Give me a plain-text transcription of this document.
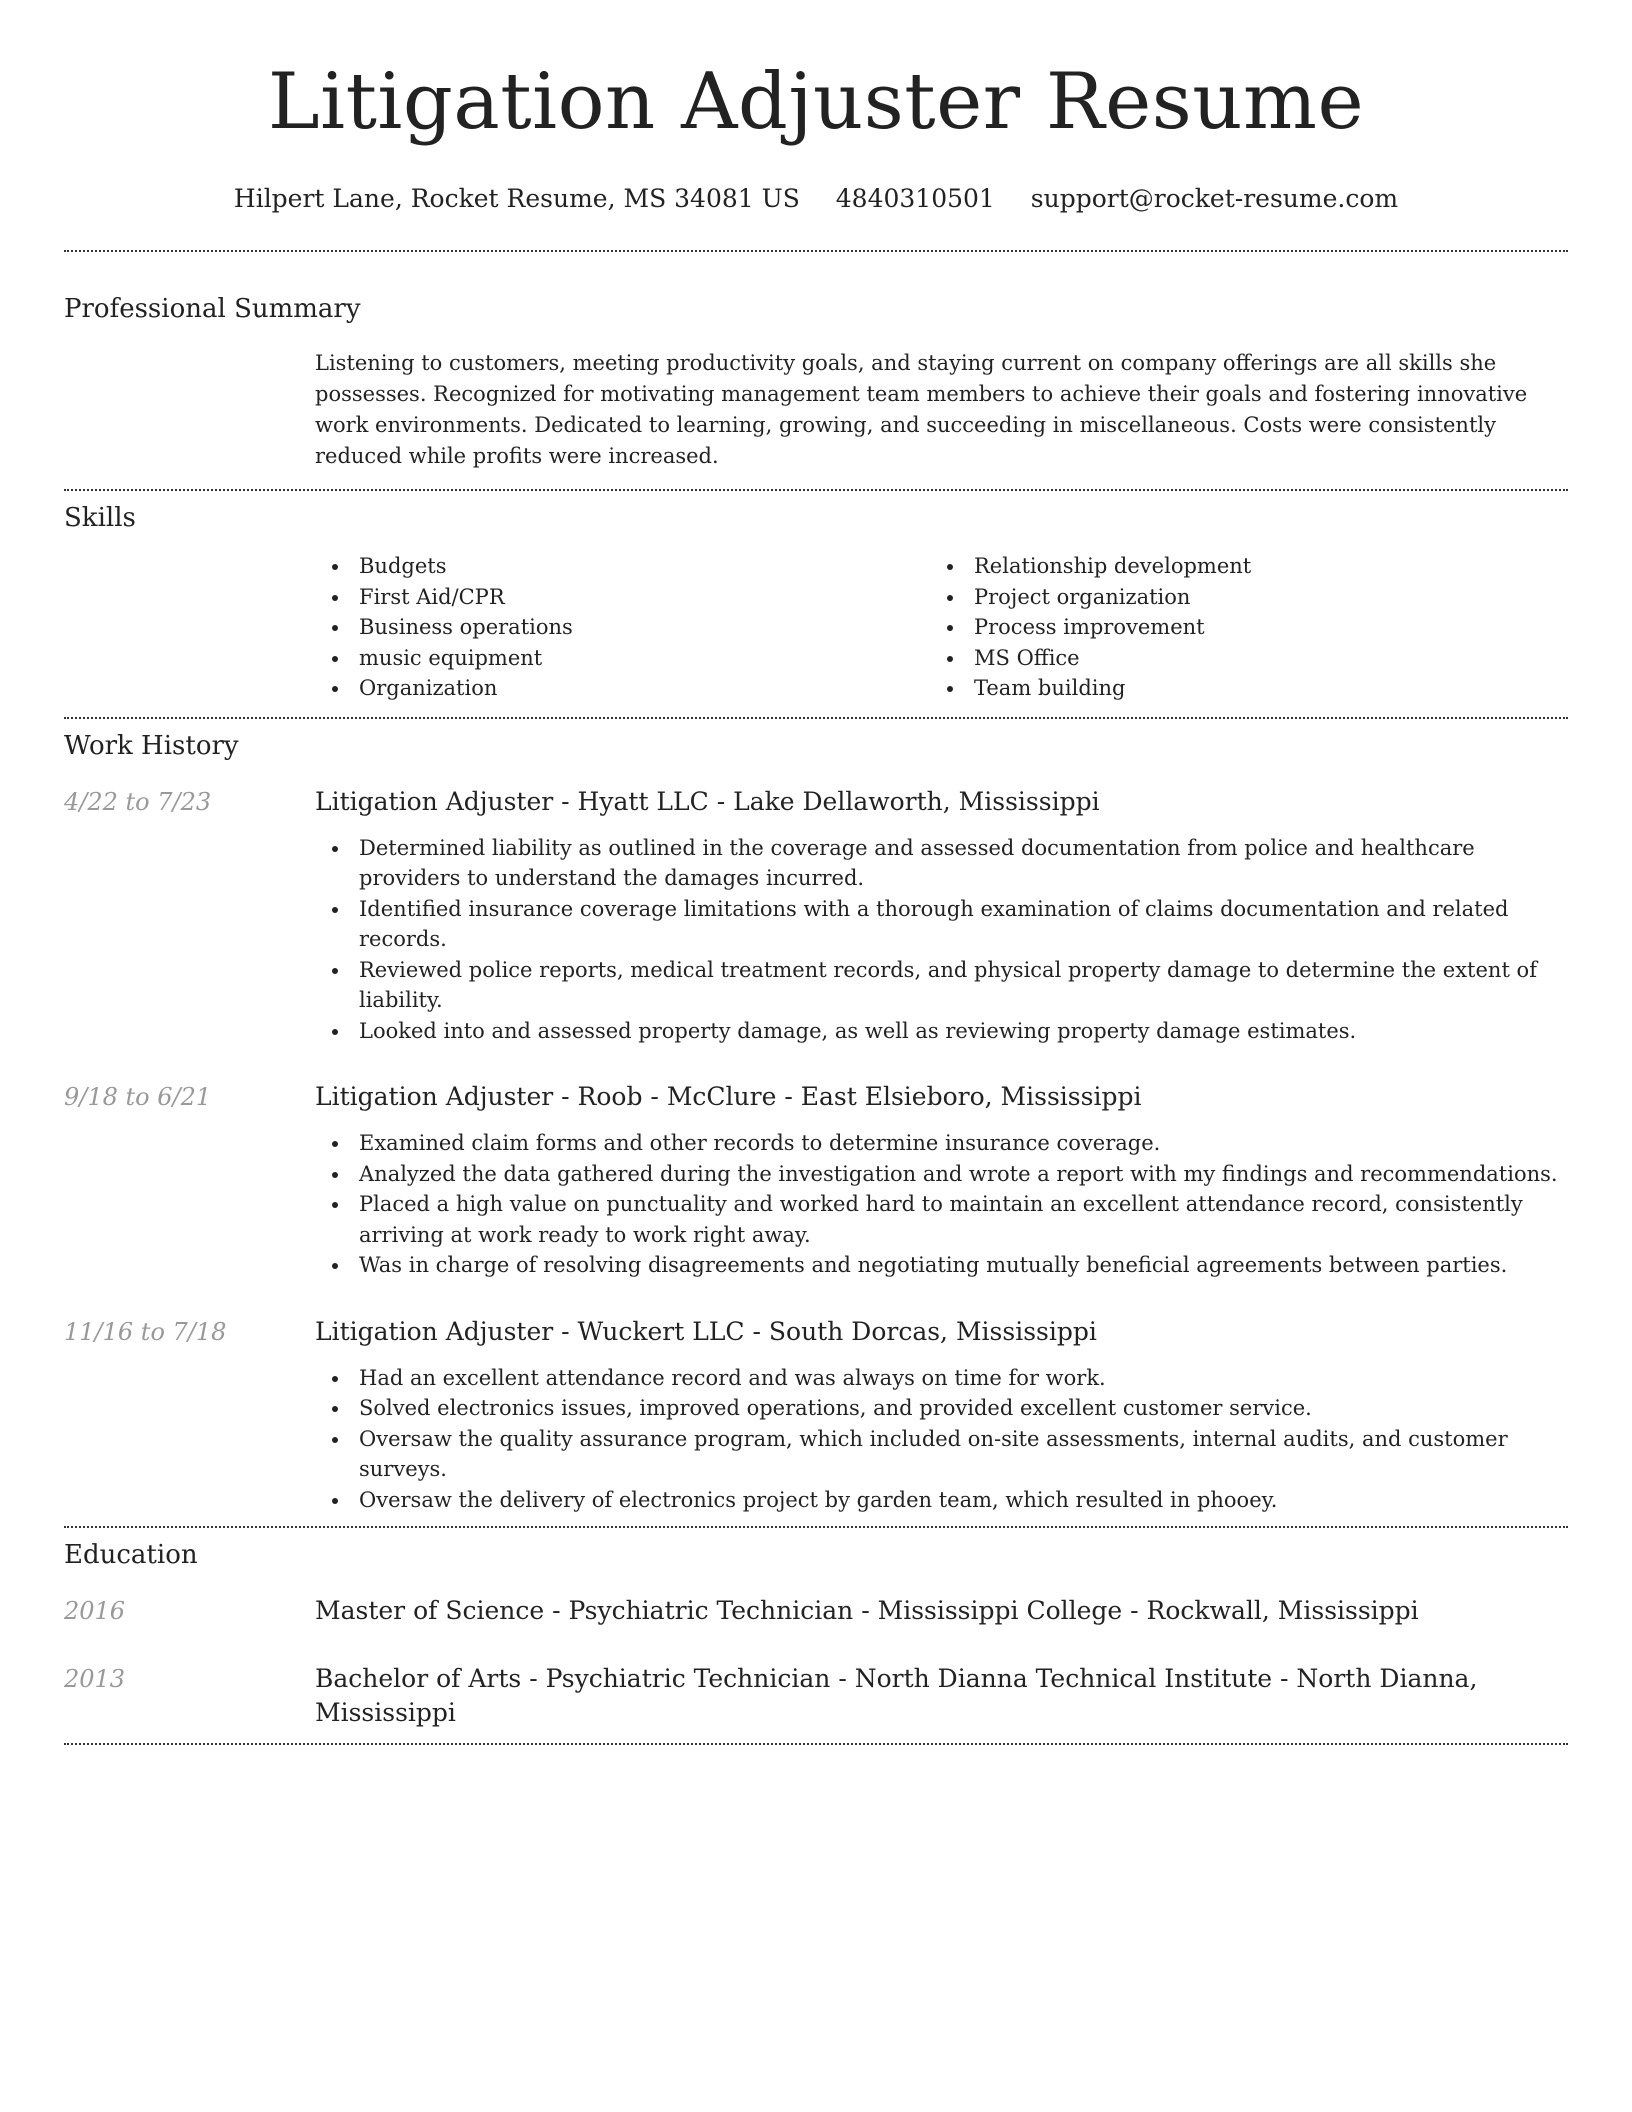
Litigation Adjuster Resume
Hilpert Lane, Rocket Resume, MS 34081 US 4840310501 support@rocket-resume.com
Professional Summary

Listening to customers, meeting productivity goals, and staying current on company offerings are all skills she possesses. Recognized for motivating management team members to achieve their goals and fostering innovative work environments. Dedicated to learning, growing, and succeeding in miscellaneous. Costs were consistently reduced while profits were increased.

Skills
Budgets
First Aid/CPR
Business operations
music equipment
Organization
Relationship development
Project organization
Process improvement
MS Office
Team building
Work History
4/22 to 7/23	Litigation Adjuster - Hyatt LLC - Lake Dellaworth, Mississippi
Determined liability as outlined in the coverage and assessed documentation from police and healthcare providers to understand the damages incurred.
Identified insurance coverage limitations with a thorough examination of claims documentation and related records.
Reviewed police reports, medical treatment records, and physical property damage to determine the extent of liability.
Looked into and assessed property damage, as well as reviewing property damage estimates.
9/18 to 6/21	Litigation Adjuster - Roob - McClure - East Elsieboro, Mississippi
Examined claim forms and other records to determine insurance coverage.
Analyzed the data gathered during the investigation and wrote a report with my findings and recommendations.
Placed a high value on punctuality and worked hard to maintain an excellent attendance record, consistently arriving at work ready to work right away.
Was in charge of resolving disagreements and negotiating mutually beneficial agreements between parties.
11/16 to 7/18	Litigation Adjuster - Wuckert LLC - South Dorcas, Mississippi
Had an excellent attendance record and was always on time for work.
Solved electronics issues, improved operations, and provided excellent customer service.
Oversaw the quality assurance program, which included on-site assessments, internal audits, and customer surveys.
Oversaw the delivery of electronics project by garden team, which resulted in phooey.
Education
2016	Master of Science - Psychiatric Technician - Mississippi College - Rockwall, Mississippi
2013	Bachelor of Arts - Psychiatric Technician - North Dianna Technical Institute - North Dianna, Mississippi
